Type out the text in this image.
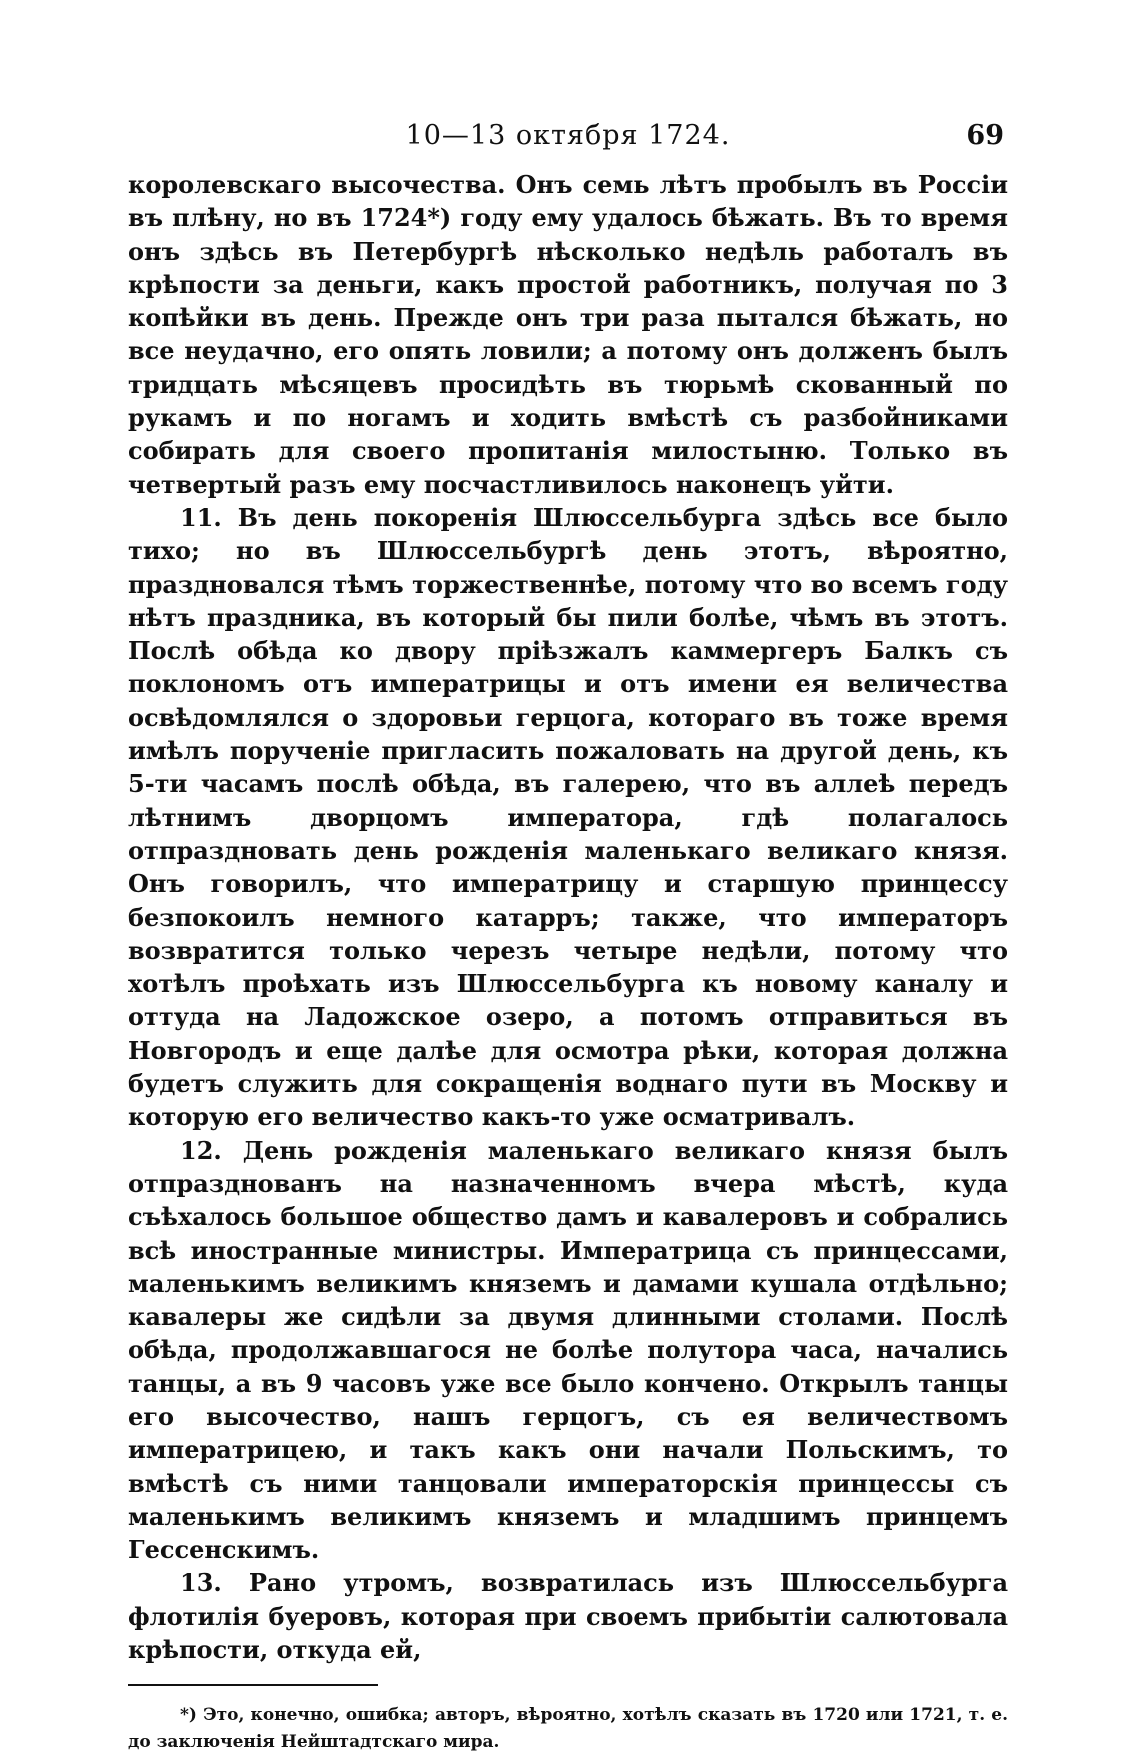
10—13 октября 1724.	69

королевскаго высочества. Онъ семь лѣтъ пробылъ въ Россіи въ плѣну, но въ 1724*) году ему удалось бѣжать. Въ то время онъ здѣсь въ Петербургѣ нѣсколько недѣль работалъ въ крѣпости за деньги, какъ простой работникъ, получая по 3 копѣйки въ день. Прежде онъ три раза пытался бѣжать, но все неудачно, его опять ловили; а потому онъ долженъ былъ тридцать мѣсяцевъ просидѣть въ тюрьмѣ скованный по рукамъ и по ногамъ и ходить вмѣстѣ съ разбойниками собирать для своего пропитанія милостыню. Только въ четвертый разъ ему посчастливилось наконецъ уйти.

11. Въ день покоренія Шлюссельбурга здѣсь все было тихо; но въ Шлюссельбургѣ день этотъ, вѣроятно, праздновался тѣмъ торжественнѣе, потому что во всемъ году нѣтъ праздника, въ который бы пили болѣе, чѣмъ въ этотъ. Послѣ обѣда ко двору пріѣзжалъ каммергеръ Балкъ съ поклономъ отъ императрицы и отъ имени ея величества освѣдомлялся о здоровьи герцога, котораго въ тоже время имѣлъ порученіе пригласить пожаловать на другой день, къ 5-ти часамъ послѣ обѣда, въ галерею, что въ аллеѣ передъ лѣтнимъ дворцомъ императора, гдѣ полагалось отпраздновать день рожденія маленькаго великаго князя. Онъ говорилъ, что императрицу и старшую принцессу безпокоилъ немного катарръ; также, что императоръ возвратится только черезъ четыре недѣли, потому что хотѣлъ проѣхать изъ Шлюссельбурга къ новому каналу и оттуда на Ладожское озеро, а потомъ отправиться въ Новгородъ и еще далѣе для осмотра рѣки, которая должна будетъ служить для сокращенія воднаго пути въ Москву и которую его величество какъ-то уже осматривалъ.

12. День рожденія маленькаго великаго князя былъ отпразднованъ на назначенномъ вчера мѣстѣ, куда съѣхалось большое общество дамъ и кавалеровъ и собрались всѣ иностранные министры. Императрица съ принцессами, маленькимъ великимъ княземъ и дамами кушала отдѣльно; кавалеры же сидѣли за двумя длинными столами. Послѣ обѣда, продолжавшагося не болѣе полутора часа, начались танцы, а въ 9 часовъ уже все было кончено. Открылъ танцы его высочество, нашъ герцогъ, съ ея величествомъ императрицею, и такъ какъ они начали Польскимъ, то вмѣстѣ съ ними танцовали императорскія принцессы съ маленькимъ великимъ княземъ и младшимъ принцемъ Гессенскимъ.

13. Рано утромъ, возвратилась изъ Шлюссельбурга флотилія буеровъ, которая при своемъ прибытіи салютовала крѣпости, откуда ей,

*) Это, конечно, ошибка; авторъ, вѣроятно, хотѣлъ сказать въ 1720 или 1721, т. е. до заключенія Нейштадтскаго мира.
